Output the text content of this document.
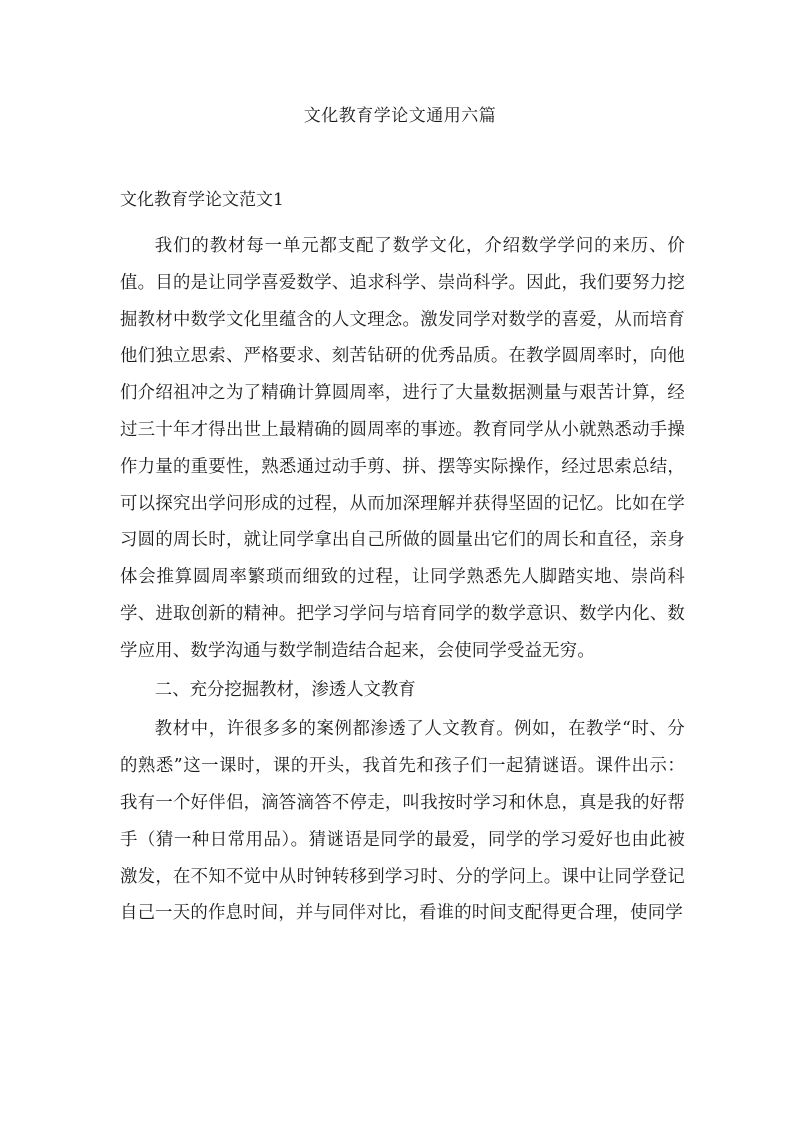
文化教育学论文通用六篇
文化教育学论文范文1

我们的教材每一单元都支配了数学文化，介绍数学学问的来历、价值。目的是让同学喜爱数学、追求科学、崇尚科学。因此，我们要努力挖掘教材中数学文化里蕴含的人文理念。激发同学对数学的喜爱，从而培育他们独立思索、严格要求、刻苦钻研的优秀品质。在教学圆周率时，向他们介绍祖冲之为了精确计算圆周率，进行了大量数据测量与艰苦计算，经过三十年才得出世上最精确的圆周率的事迹。教育同学从小就熟悉动手操作力量的重要性，熟悉通过动手剪、拼、摆等实际操作，经过思索总结，可以探究出学问形成的过程，从而加深理解并获得坚固的记忆。比如在学习圆的周长时，就让同学拿出自己所做的圆量出它们的周长和直径，亲身体会推算圆周率繁琐而细致的过程，让同学熟悉先人脚踏实地、崇尚科学、进取创新的精神。把学习学问与培育同学的数学意识、数学内化、数学应用、数学沟通与数学制造结合起来，会使同学受益无穷。

二、充分挖掘教材，渗透人文教育

教材中，许很多多的案例都渗透了人文教育。例如，在教学“时、分的熟悉”这一课时，课的开头，我首先和孩子们一起猜谜语。课件出示：我有一个好伴侣，滴答滴答不停走，叫我按时学习和休息，真是我的好帮手（猜一种日常用品）。猜谜语是同学的最爱，同学的学习爱好也由此被激发，在不知不觉中从时钟转移到学习时、分的学问上。课中让同学登记自己一天的作息时间，并与同伴对比，看谁的时间支配得更合理，使同学
